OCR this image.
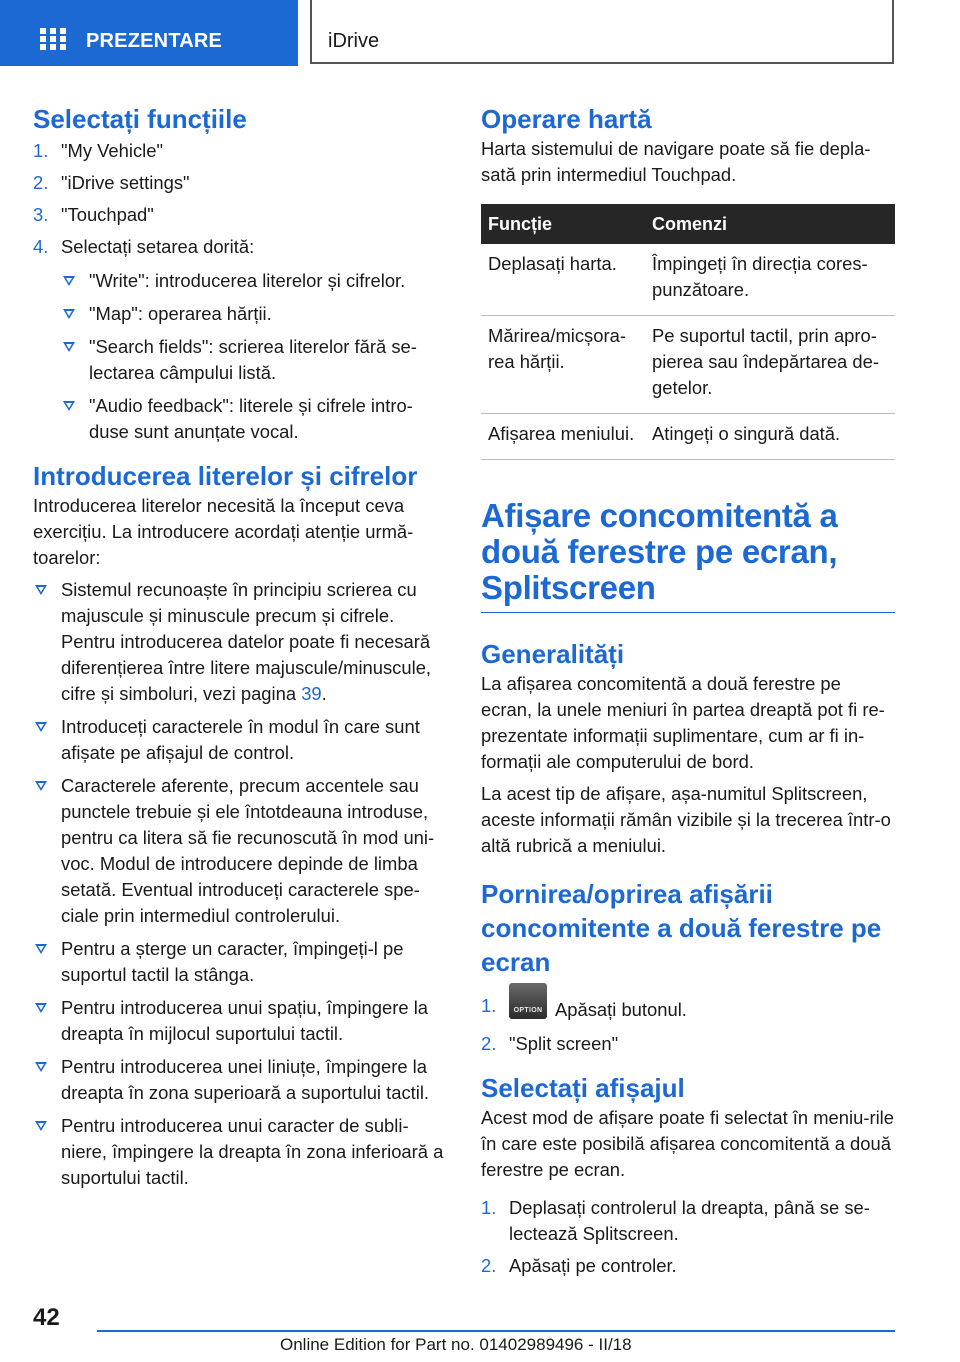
PREZENTARE	iDrive
Selectați funcțiile
1. "My Vehicle"
2. "iDrive settings"
3. "Touchpad"
4. Selectați setarea dorită:
"Write": introducerea literelor și cifrelor.
"Map": operarea hărții.
"Search fields": scrierea literelor fără se-lectarea câmpului listă.
"Audio feedback": literele și cifrele intro-duse sunt anunțate vocal.
Introducerea literelor și cifrelor

Introducerea literelor necesită la început ceva exercițiu. La introducere acordați atenție urmă-toarelor:

Sistemul recunoaște în principiu scrierea cu majuscule și minuscule precum și cifrele. Pentru introducerea datelor poate fi necesară diferențierea între litere majuscule/minuscule, cifre și simboluri, vezi pagina 39.
Introduceți caracterele în modul în care sunt afișate pe afișajul de control.
Caracterele aferente, precum accentele sau punctele trebuie și ele întotdeauna introduse, pentru ca litera să fie recunoscută în mod uni-voc. Modul de introducere depinde de limba setată. Eventual introduceți caracterele spe-ciale prin intermediul controlerului.
Pentru a șterge un caracter, împingeți-l pe suportul tactil la stânga.
Pentru introducerea unui spațiu, împingere la dreapta în mijlocul suportului tactil.
Pentru introducerea unei liniuțe, împingere la dreapta în zona superioară a suportului tactil.
Pentru introducerea unui caracter de subli-niere, împingere la dreapta în zona inferioară a suportului tactil.
Operare hartă

Harta sistemului de navigare poate să fie depla-sată prin intermediul Touchpad.

Funcție	Comenzi
Deplasați harta.	Împingeți în direcția cores-punzătoare.
Mărirea/micșora-rea hărții.	Pe suportul tactil, prin apro-pierea sau îndepărtarea de-getelor.
Afișarea meniului.	Atingeți o singură dată.
Afișare concomitentă a două ferestre pe ecran, Splitscreen
Generalități

La afișarea concomitentă a două ferestre pe ecran, la unele meniuri în partea dreaptă pot fi re-prezentate informații suplimentare, cum ar fi in-formații ale computerului de bord.

La acest tip de afișare, așa-numitul Splitscreen, aceste informații rămân vizibile și la trecerea într-o altă rubrică a meniului.

Pornirea/oprirea afișării concomitente a două ferestre pe ecran
1.	OPTION Apăsați butonul.
2. "Split screen"
Selectați afișajul

Acest mod de afișare poate fi selectat în meniu-rile în care este posibilă afișarea concomitentă a două ferestre pe ecran.

1. Deplasați controlerul la dreapta, până se se-lectează Splitscreen.
2. Apăsați pe controler.
42
Online Edition for Part no. 01402989496 - II/18
